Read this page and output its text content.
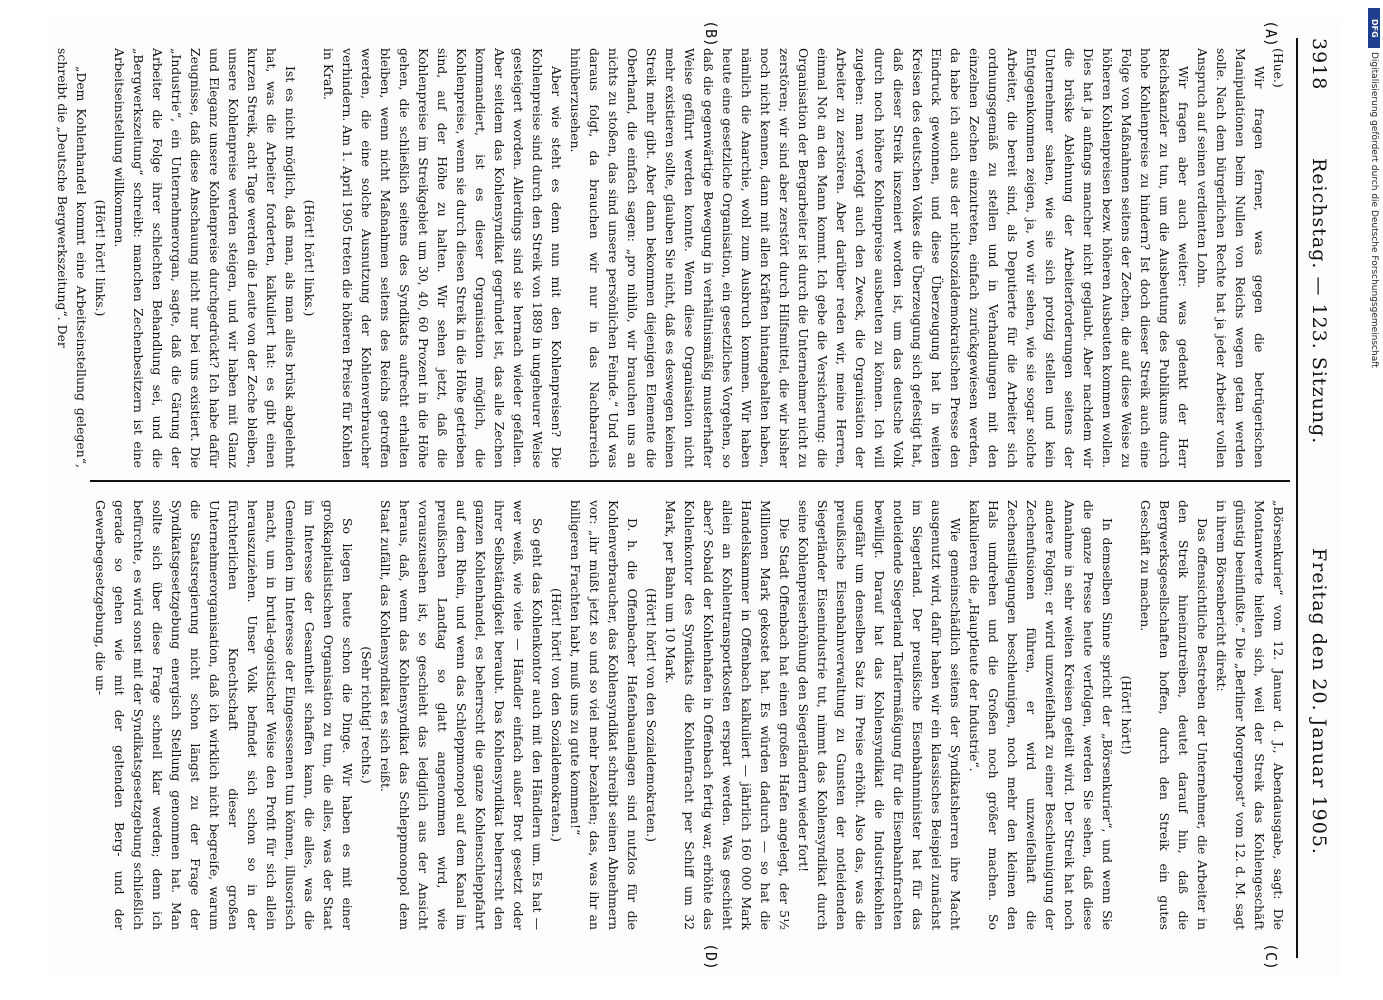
3918
Reichstag. — 123. Sitzung.
Freitag den 20. Januar 1905.
(A)
(B)
(C)
(D)

(Hue.)

Wir fragen ferner, was gegen die betrügerischen Manipulationen beim Nullen von Reichs wegen getan werden solle. Nach dem bürgerlichen Rechte hat ja jeder Arbeiter vollen Anspruch auf seinen verdienten Lohn.

Wir fragen aber auch weiter: was gedenkt der Herr Reichskanzler zu tun, um die Ausbeutung des Publikums durch hohe Kohlenpreise zu hindern? Ist doch dieser Streik auch eine Folge von Maßnahmen seitens der Zechen, die auf diese Weise zu höheren Kohlenpreisen bezw. höheren Ausbeuten kommen wollen. Dies hat ja anfangs mancher nicht geglaubt. Aber nachdem wir die brüske Ablehnung der Arbeiterforderungen seitens der Unternehmer sahen, wie sie sich protzig stellen und kein Entgegenkommen zeigen, ja, wo wir sehen, wie sie sogar solche Arbeiter, die bereit sind, als Deputierte für die Arbeiter sich ordnungsgemäß zu stellen und in Verhandlungen mit den einzelnen Zechen einzutreten, einfach zurückgewiesen werden, da habe ich auch aus der nichtsozialdemokratischen Presse den Eindruck gewonnen, und diese Überzeugung hat in weiten Kreisen des deutschen Volkes die Überzeugung sich gefestigt hat, daß dieser Streik inszeniert worden ist, um das deutsche Volk durch noch höhere Kohlenpreise ausbeuten zu können. Ich will zugeben: man verfolgt auch den Zweck, die Organisation der Arbeiter zu zerstören. Aber darüber reden wir, meine Herren, einmal Not an den Mann kommt. Ich gebe die Versicherung: die Organisation der Bergarbeiter ist durch die Unternehmer nicht zu zerstören; wir sind aber zerstört durch Hilfsmittel, die wir bisher noch nicht kennen, dann mit allen Kräften hintangehalten haben, nämlich die Anarchie, wohl zum Ausbruch kommen. Wir haben heute eine gesetzliche Organisation, ein gesetzliches Vorgehen, so daß die gegenwärtige Bewegung in verhältnismäßig musterhafter Weise geführt werden konnte. Wenn diese Organisation nicht mehr existieren sollte, glauben Sie nicht, daß es deswegen keinen Streik mehr gibt. Aber dann bekommen diejenigen Elemente die Oberhand, die einfach sagen: „pro nihilo, wir brauchen uns an nichts zu stoßen, das sind unsere persönlichen Feinde.“ Und was daraus folgt, da brauchen wir nur in das Nachbarreich hinüberzusehen.

Aber wie steht es denn nun mit den Kohlenpreisen? Die Kohlenpreise sind durch den Streik von 1889 in ungeheurer Weise gesteigert worden. Allerdings sind sie hernach wieder gefallen. Aber seitdem das Kohlensyndikat gegründet ist, das alle Zechen kommandiert, ist es dieser Organisation möglich, die Kohlenpreise, wenn sie durch diesen Streik in die Höhe getrieben sind, auf der Höhe zu halten. Wir sehen jetzt, daß die Kohlenpreise im Streikgebiet um 30, 40, 60 Prozent in die Höhe gehen, die schließlich seitens des Syndikats aufrecht erhalten bleiben, wenn nicht Maßnahmen seitens des Reichs getroffen werden, die eine solche Ausnutzung der Kohlenverbraucher verhindern. Am 1. April 1905 treten die höheren Preise für Kohlen in Kraft.

(Hört! hört! links.)

Ist es nicht möglich, daß man, als man alles brüsk abgelehnt hat, was die Arbeiter forderten, kalkuliert hat: es gibt einen kurzen Streik, acht Tage werden die Leute von der Zeche bleiben, unsere Kohlenpreise werden steigen, und wir haben mit Glanz und Eleganz unsere Kohlenpreise durchgedrückt? Ich habe dafür Zeugnisse, daß diese Anschauung nicht nur bei uns existiert. Die „Industrie“, ein Unternehmerorgan, sagte, daß die Gärung der Arbeiter die Folge ihrer schlechten Behandlung sei, und die „Bergwerkszeitung“ schreibt: manchen Zechenbesitzern ist eine Arbeitseinstellung willkommen.

(Hört! hört! links.)

„Dem Kohlenhandel kommt eine Arbeitseinstellung gelegen“, schreibt die „Deutsche Bergwerkszeitung“. Der

„Börsenkurier“ vom 12. Januar d. J., Abendausgabe, sagt: Die Montanwerte hielten sich, weil der Streik das Kohlengeschäft günstig beeinflußte.“ Die „Berliner Morgenpost“ vom 12. d. M. sagt in ihrem Börsenbericht direkt:

Das offensichtliche Bestreben der Unternehmer, die Arbeiter in den Streik hineinzutreiben, deutet darauf hin, daß die Bergwerksgesellschaften hoffen, durch den Streik ein gutes Geschäft zu machen.

(Hört! hört!)

In demselben Sinne spricht der „Börsenkurier“, und wenn Sie die ganze Presse heute verfolgen, werden Sie sehen, daß diese Annahme in sehr weiten Kreisen geteilt wird. Der Streik hat noch andere Folgen; er wird unzweifelhaft zu einer Beschleunigung der Zechenfusionen führen, er wird unzweifelhaft die Zechenstillegungen beschleunigen, noch mehr den kleinen den Hals umdrehen und die Großen noch größer machen. So kalkulieren die „Hauptleute der Industrie“.

Wie gemeinschädlich seitens der Syndikatsherren ihre Macht ausgenutzt wird, dafür haben wir ein klassisches Beispiel zunächst im Siegerland. Der preußische Eisenbahnminister hat für das notleidende Siegerland Tarifermäßigung für die Eisenbahnfrachten bewilligt. Darauf hat das Kohlensyndikat die Industriekohlen ungefähr um denselben Satz im Preise erhöht. Also das, was die preußische Eisenbahnverwaltung zu Gunsten der notleidenden Siegerländer Eisenindustrie tut, nimmt das Kohlensyndikat durch seine Kohlenpreiserhöhung den Siegerländern wieder fort!

Die Stadt Offenbach hat einen großen Hafen angelegt, der 5½ Millionen Mark gekostet hat. Es würden dadurch — so hat die Handelskammer in Offenbach kalkuliert — jährlich 160 000 Mark allein an Kohlentransportkosten erspart werden. Was geschieht aber? Sobald der Kohlenhafen in Offenbach fertig war, erhöhte das Kohlenkontor des Syndikats die Kohlenfracht per Schiff um 32 Mark, per Bahn um 10 Mark.

(Hört! hört! von den Sozialdemokraten.)

D. h. die Offenbacher Hafenbauanlagen sind nutzlos für die Kohlenverbraucher, das Kohlensyndikat schreibt seinen Abnehmern vor: „ihr müßt jetzt so und so viel mehr bezahlen; das, was ihr an billigeren Frachten habt, muß uns zu gute kommen!“

(Hört! hört! von den Sozialdemokraten.)

So geht das Kohlenkontor auch mit den Händlern um. Es hat — wer weiß, wie viele — Händler einfach außer Brot gesetzt oder ihrer Selbständigkeit beraubt. Das Kohlensyndikat beherrscht den ganzen Kohlenhandel, es beherrscht die ganze Kohlenschleppfahrt auf dem Rhein, und wenn das Schleppmonopol auf dem Kanal im preußischen Landtag so glatt angenommen wird, wie vorauszusehen ist, so geschieht das lediglich aus der Ansicht heraus, daß, wenn das Kohlensyndikat das Schleppmonopol dem Staat zufällt, das Kohlensyndikat es sich reißt.

(Sehr richtig! rechts.)

So liegen heute schon die Dinge. Wir haben es mit einer großkapitalistischen Organisation zu tun, die alles, was der Staat im Interesse der Gesamtheit schaffen kann, die alles, was die Gemeinden im Interesse der Eingesessenen tun können, illusorisch macht, um in brutal-egoistischer Weise den Profit für sich allein herauszuziehen. Unser Volk befindet sich schon so in der fürchterlichen Knechtschaft dieser großen Unternehmerorganisation, daß ich wirklich nicht begreife, warum die Staatsregierung nicht schon längst zu der Frage der Syndikatsgesetzgebung energisch Stellung genommen hat. Man sollte sich über diese Frage schnell klar werden; denn ich befürchte, es wird sonst mit der Syndikatsgesetzgebung schließlich gerade so gehen wie mit der geltenden Berg- und der Gewerbegesetzgebung, die un-

DFG
Digitalisierung gefördert durch die Deutsche Forschungsgemeinschaft
